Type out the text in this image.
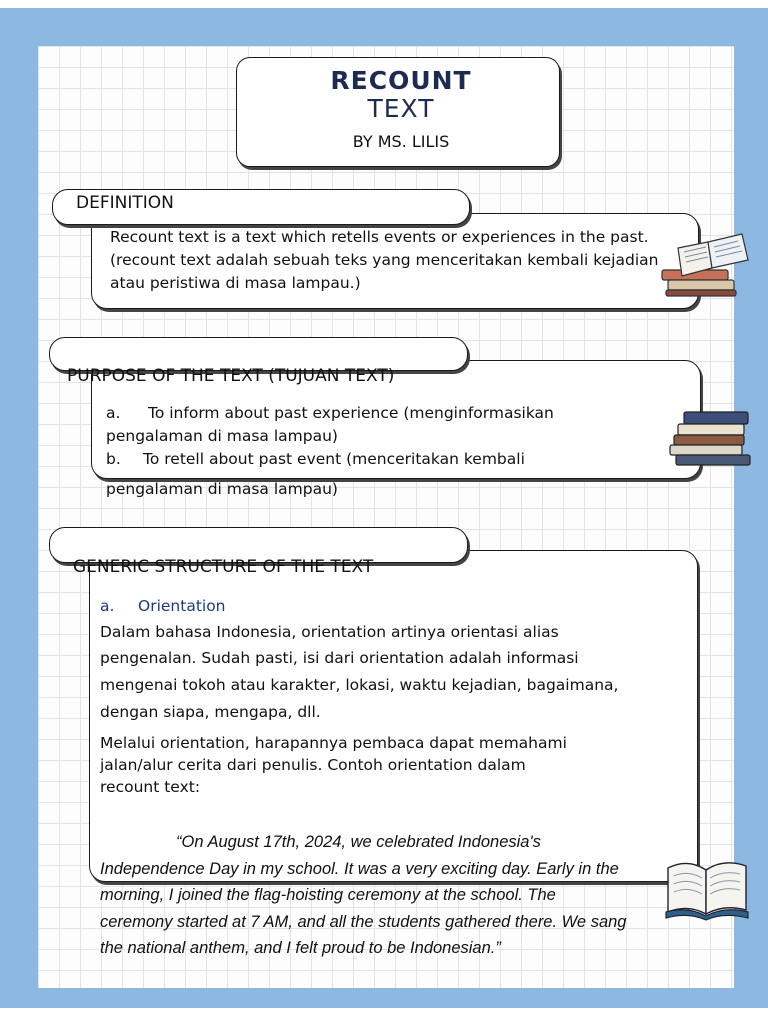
RECOUNT
TEXT
BY MS. LILIS
DEFINITION
Recount text is a text which retells events or experiences in the past. (recount text adalah sebuah teks yang menceritakan kembali kejadian atau peristiwa di masa lampau.)
PURPOSE OF THE TEXT (TUJUAN TEXT)
a.	To inform about past experience (menginformasikan pengalaman di masa lampau)
b.	To retell about past event (menceritakan kembali
pengalaman di masa lampau)
GENERIC STRUCTURE OF THE TEXT
a. Orientation
Dalam bahasa Indonesia, orientation artinya orientasi alias
pengenalan. Sudah pasti, isi dari orientation adalah informasi
mengenai tokoh atau karakter, lokasi, waktu kejadian, bagaimana,
dengan siapa, mengapa, dll.
Melalui orientation, harapannya pembaca dapat memahami
jalan/alur cerita dari penulis. Contoh orientation dalam
recount text:
“On August 17th, 2024, we celebrated Indonesia's
Independence Day in my school. It was a very exciting day. Early in the
morning, I joined the flag-hoisting ceremony at the school. The
ceremony started at 7 AM, and all the students gathered there. We sang
the national anthem, and I felt proud to be Indonesian.”
